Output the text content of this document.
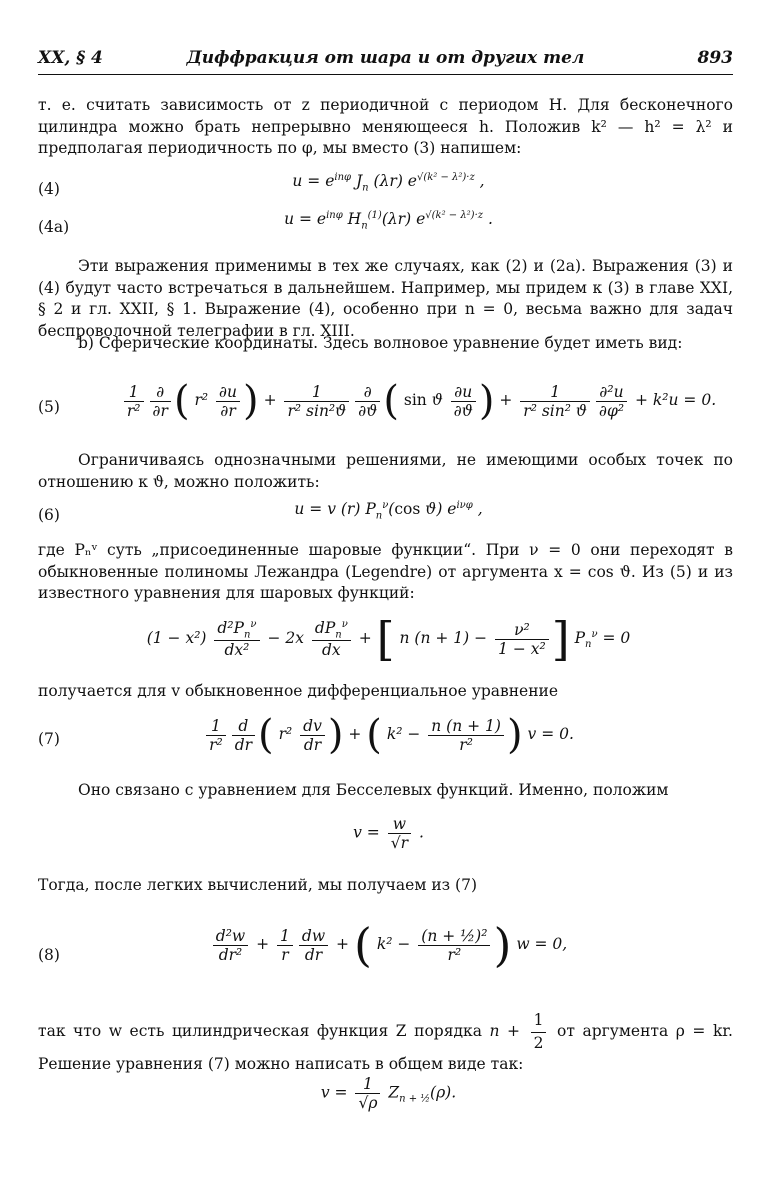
XX, § 4	Диффракция от шара и от других тел	893
т. е. считать зависимость от z периодичной с периодом H. Для бесконечного цилиндра можно брать непрерывно меняющееся h. Положив k² — h² = λ² и предполагая периодичность по φ, мы вместо (3) напишем:
(4)	$u = e^{in\varphi}$ $J_n$ (λr) $e^{√(k^2 - \lambda^2)\cdot z}$ ,
(4a)	$u = e^{in\varphi}$ $H_n^{(1)}(\lambda r)$ $e^{√(k^2 - \lambda^2)\cdot z}$ .
Эти выражения применимы в тех же случаях, как (2) и (2a). Выражения (3) и (4) будут часто встречаться в дальнейшем. Например, мы придем к (3) в главе XXI, § 2 и гл. XXII, § 1. Выражение (4), особенно при n = 0, весьма важно для задач беспроволочной телеграфии в гл. XIII.
b) Сферические координаты. Здесь волновое уравнение будет иметь вид:
(5)	$\frac{1}{\text{r²}} \frac{\partial}{\partial r}$ ( $r^2 \frac{\partial u}{\partial r}$ ) + $\frac{1}{\text{r² sin²ϑ}} \frac{\partial}{\partial ϑ}$ ( sin ϑ $\frac{\partial u}{\partial ϑ}$ ) + $\frac{1}{\text{r² sin² ϑ}} \frac{\text{∂²u}}{\text{∂φ²}} + k^2u = 0$.
Ограничиваясь однозначными решениями, не имеющими особых точек по отношению к ϑ, можно положить:
(6)	u = v (r) $P_n^\nu(\cos$ ϑ) $e^{i\nu\varphi}$ ,
где Pₙᵛ суть „присоединенные шаровые функции“. При ν = 0 они переходят в обыкновенные полиномы Лежандра (Legendre) от аргумента x = cos ϑ. Из (5) и из известного уравнения для шаровых функций:
$(1 - x^2) \frac{d^2P_n^\nu}{\text{dx²}} - 2x \frac{dP_n^\nu}{dx}$ + [ n $(n + 1) - \frac{\text{ν²}}{\text{1 − x²}}$ ] $P_n^\nu = 0$
получается для v обыкновенное дифференциальное уравнение
(7)	$\frac{1}{\text{r²}} \frac{d}{dr}$ ( $r^2 \frac{dv}{dr}$ ) + ( $k^2 - \frac{n (n + 1)}{\text{r²}}$ ) v = 0.
Оно связано с уравнением для Бесселевых функций. Именно, положим
$v = \frac{w}{√r}$ .
Тогда, после легких вычислений, мы получаем из (7)
(8)	$\frac{\text{d²w}}{\text{dr²}} + \frac{1}{r} \frac{dw}{dr}$ + ( $k^2 - \frac{\text{(n + ½)²}}{\text{r²}}$ ) w = 0,
так что w есть цилиндрическая функция Z порядка $n + \frac{1}{2}$ от аргумента ρ = kr. Решение уравнения (7) можно написать в общем виде так:
$v = \frac{1}{√\rho} Z_{n + \frac{1}{2}}(\rho)$.
